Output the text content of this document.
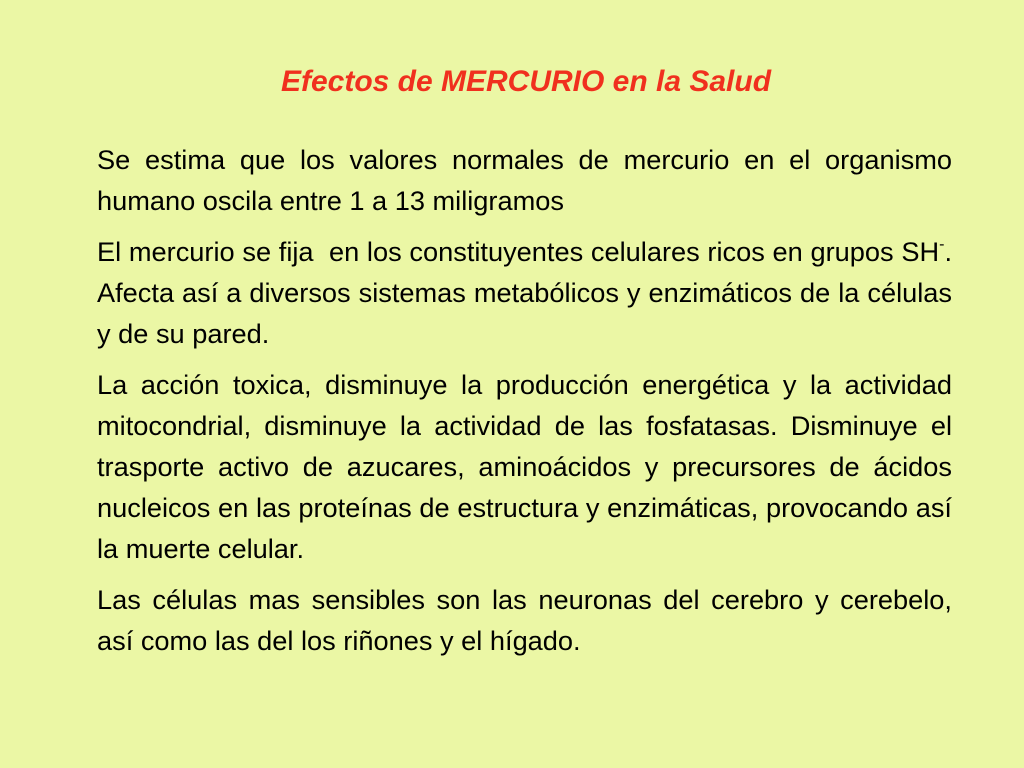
Efectos de MERCURIO en la Salud

Se estima que los valores normales de mercurio en el organismo humano oscila entre 1 a 13 miligramos

El mercurio se fija  en los constituyentes celulares ricos en grupos SH-. Afecta así a diversos sistemas metabólicos y enzimáticos de la células y de su pared.

La acción toxica, disminuye la producción energética y la actividad mitocondrial, disminuye la actividad de las fosfatasas. Disminuye el trasporte activo de azucares, aminoácidos y precursores de ácidos nucleicos en las proteínas de estructura y enzimáticas, provocando así la muerte celular.

Las células mas sensibles son las neuronas del cerebro y cerebelo, así como las del los riñones y el hígado.
